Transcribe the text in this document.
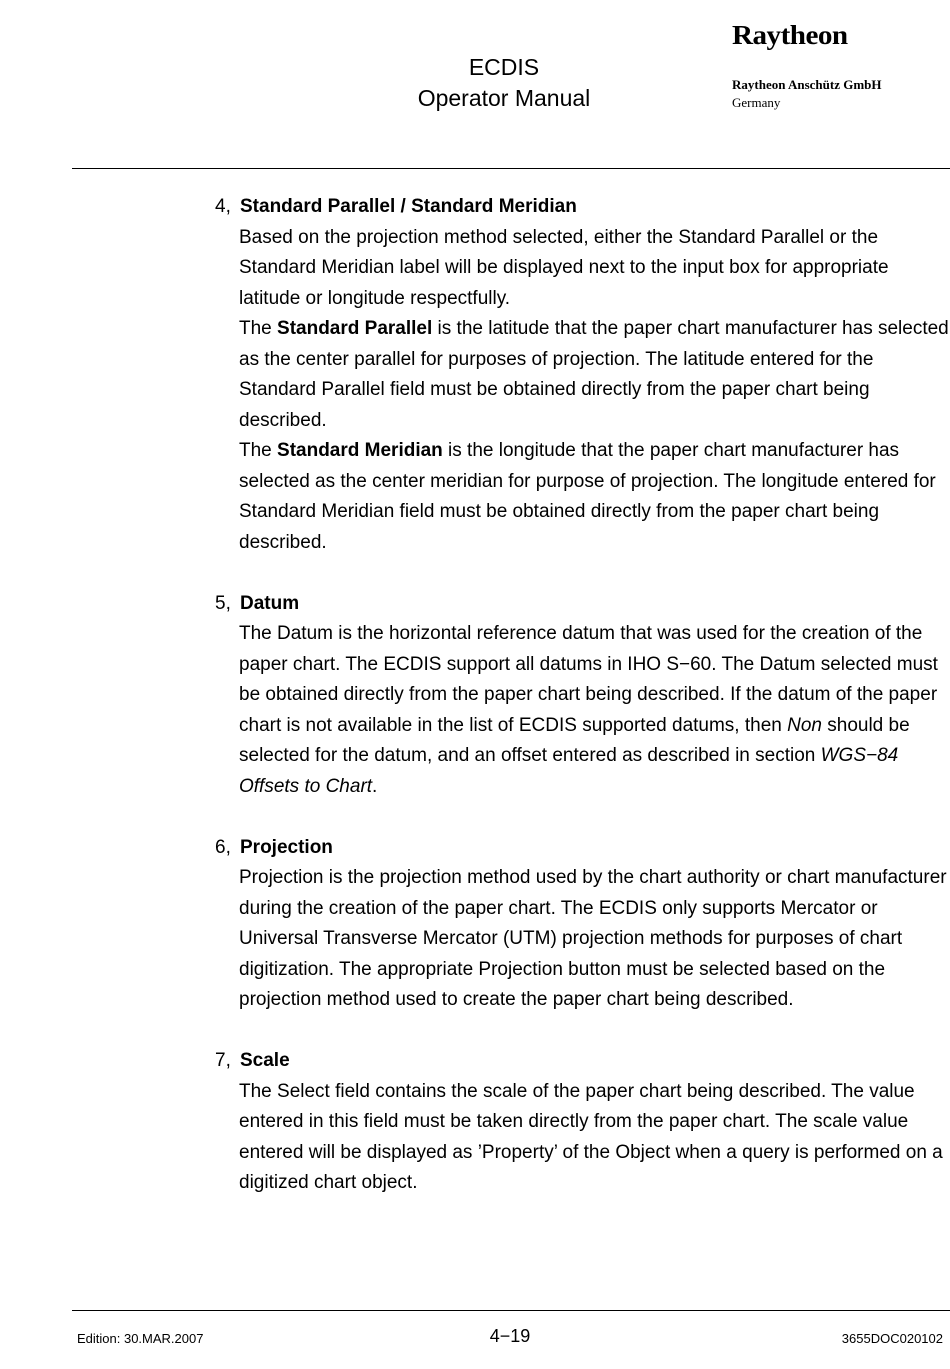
ECDIS
Operator Manual
Raytheon
Raytheon Anschütz GmbH
Germany
4, Standard Parallel / Standard Meridian

Based on the projection method selected, either the Standard Parallel or the Standard Meridian label will be displayed next to the input box for appropriate latitude or longitude respectfully.

The Standard Parallel is the latitude that the paper chart manufacturer has selected as the center parallel for purposes of projection. The latitude entered for the Standard Parallel field must be obtained directly from the paper chart being described.

The Standard Meridian is the longitude that the paper chart manufacturer has selected as the center meridian for purpose of projection. The longitude entered for Standard Meridian field must be obtained directly from the paper chart being described.

5, Datum

The Datum is the horizontal reference datum that was used for the creation of the paper chart. The ECDIS support all datums in IHO S−60. The Datum selected must be obtained directly from the paper chart being described. If the datum of the paper chart is not available in the list of ECDIS supported datums, then Non should be selected for the datum, and an offset entered as described in section WGS−84 Offsets to Chart.

6, Projection

Projection is the projection method used by the chart authority or chart manufacturer during the creation of the paper chart. The ECDIS only supports Mercator or Universal Transverse Mercator (UTM) projection methods for purposes of chart digitization. The appropriate Projection button must be selected based on the projection method used to create the paper chart being described.

7, Scale

The Select field contains the scale of the paper chart being described. The value entered in this field must be taken directly from the paper chart. The scale value entered will be displayed as ’Property’ of the Object when a query is performed on a digitized chart object.

Edition: 30.MAR.2007	4−19	3655DOC020102
